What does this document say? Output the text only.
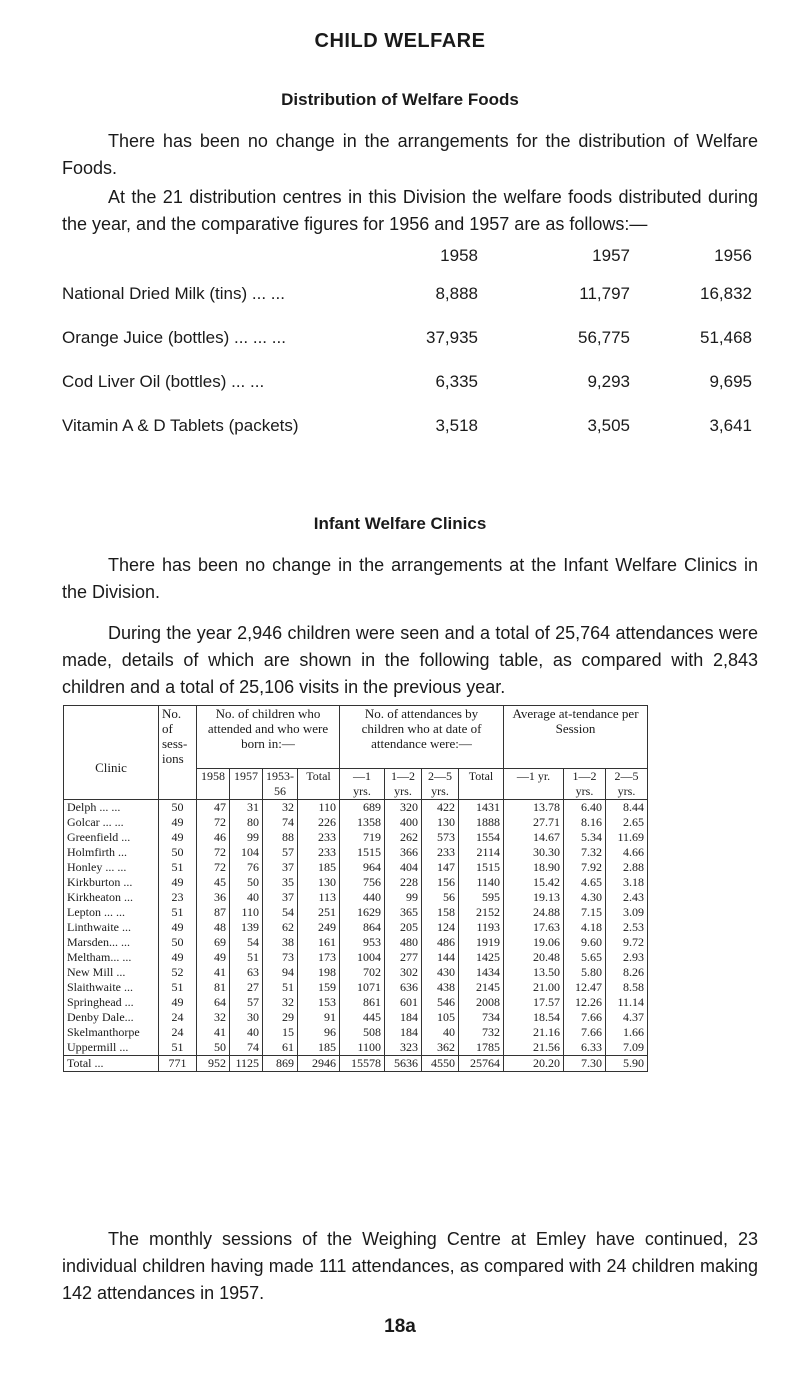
CHILD WELFARE
Distribution of Welfare Foods
There has been no change in the arrangements for the distribution of Welfare Foods.
At the 21 distribution centres in this Division the welfare foods distributed during the year, and the comparative figures for 1956 and 1957 are as follows:—
1958	1957	1956
National Dried Milk (tins) ... ...	8,888	11,797	16,832
Orange Juice (bottles) ... ... ...	37,935	56,775	51,468
Cod Liver Oil (bottles) ... ...	6,335	9,293	9,695
Vitamin A & D Tablets (packets)	3,518	3,505	3,641
Infant Welfare Clinics
There has been no change in the arrangements at the Infant Welfare Clinics in the Division.
During the year 2,946 children were seen and a total of 25,764 attendances were made, details of which are shown in the following table, as compared with 2,843 children and a total of 25,106 visits in the previous year.
Clinic	No. of sess-ions	No. of children who attended and who were born in:—				No. of attendances by children who at date of attendance were:—				Average at-tendance per Session		
		1958	1957	1953-56	Total	—1 yrs.	1—2 yrs.	2—5 yrs.	Total	—1 yr.	1—2 yrs.	2—5 yrs.
Delph ... ...	50	47	31	32	110	689	320	422	1431	13.78	6.40	8.44
Golcar ... ...	49	72	80	74	226	1358	400	130	1888	27.71	8.16	2.65
Greenfield ...	49	46	99	88	233	719	262	573	1554	14.67	5.34	11.69
Holmfirth ...	50	72	104	57	233	1515	366	233	2114	30.30	7.32	4.66
Honley ... ...	51	72	76	37	185	964	404	147	1515	18.90	7.92	2.88
Kirkburton ...	49	45	50	35	130	756	228	156	1140	15.42	4.65	3.18
Kirkheaton ...	23	36	40	37	113	440	99	56	595	19.13	4.30	2.43
Lepton ... ...	51	87	110	54	251	1629	365	158	2152	24.88	7.15	3.09
Linthwaite ...	49	48	139	62	249	864	205	124	1193	17.63	4.18	2.53
Marsden... ...	50	69	54	38	161	953	480	486	1919	19.06	9.60	9.72
Meltham... ...	49	49	51	73	173	1004	277	144	1425	20.48	5.65	2.93
New Mill ...	52	41	63	94	198	702	302	430	1434	13.50	5.80	8.26
Slaithwaite ...	51	81	27	51	159	1071	636	438	2145	21.00	12.47	8.58
Springhead ...	49	64	57	32	153	861	601	546	2008	17.57	12.26	11.14
Denby Dale...	24	32	30	29	91	445	184	105	734	18.54	7.66	4.37
Skelmanthorpe	24	41	40	15	96	508	184	40	732	21.16	7.66	1.66
Uppermill ...	51	50	74	61	185	1100	323	362	1785	21.56	6.33	7.09
Total ...	771	952	1125	869	2946	15578	5636	4550	25764	20.20	7.30	5.90
The monthly sessions of the Weighing Centre at Emley have continued, 23 individual children having made 111 attendances, as compared with 24 children making 142 attendances in 1957.
18a
